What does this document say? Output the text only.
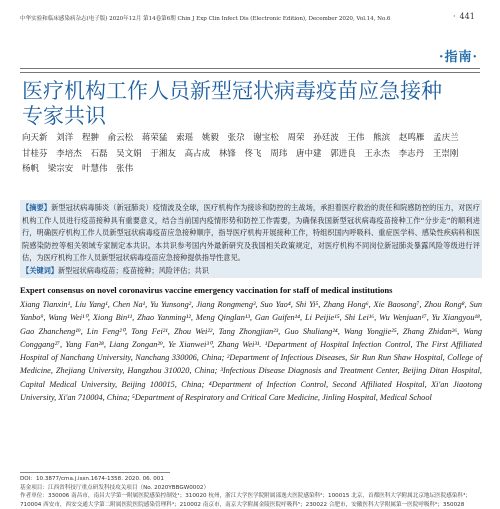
中华实验和临床感染病杂志(电子版) 2020年12月 第14卷第6期 Chin J Exp Clin Infect Dis (Electronic Edition), December 2020, Vol.14, No.6	· 441
·指南·
医疗机构工作人员新型冠状病毒疫苗应急接种专家共识
向天新 刘洋 程翀 俞云松 蒋荣猛 索瑶 姚毅 张尕 谢宝松 周荣 孙廷波 王伟 熊滨 赵鸣雁 孟庆兰 甘桂芬 李培杰 石磊 吴文娟 于湘友 高占成 林锋 佟飞 周玮 唐中建 郭进良 王永杰 李志丹 王崇刚 杨帆 梁宗安 叶慧伟 张伟
【摘要】新型冠状病毒肺炎（新冠肺炎）疫情波及全球，医疗机构作为接诊和防控的主战场，承担着医疗救治的责任和院感防控的压力，对医疗机构工作人员进行疫苗接种具有重要意义，结合当前国内疫情形势和防控工作需要，为确保我国新型冠状病毒疫苗接种工作“分步走”的顺利进行，明确医疗机构工作人员新型冠状病毒疫苗应急接种顺序，指导医疗机构开展接种工作，特组织国内呼吸科、重症医学科、感染性疾病科和医院感染防控等相关领域专家制定本共识。本共识参考国内外最新研究及我国相关政策规定，对医疗机构不同岗位新冠肺炎暴露风险等级进行评估，为医疗机构工作人员新型冠状病毒疫苗应急接种提供指导性意见。
【关键词】新型冠状病毒疫苗；疫苗接种；风险评估；共识
Expert consensus on novel coronavirus vaccine emergency vaccination for staff of medical institutions
Xiang Tianxin¹, Liu Yang¹, Chen Na¹, Yu Yunsong², Jiang Rongmeng³, Suo Yao⁴, Shi Yi⁵, Zhang Hong⁶, Xie Baosong⁷, Zhou Rong⁸, Sun Yanbo⁹, Wang Wei¹⁰, Xiong Bin¹¹, Zhao Yanming¹², Meng Qinglan¹³, Gan Guifen¹⁴, Li Peijie¹⁵, Shi Lei¹⁶, Wu Wenjuan¹⁷, Yu Xiangyou¹⁸, Gao Zhancheng¹⁹, Lin Feng²⁰, Tong Fei²¹, Zhou Wei²², Tang Zhongjian²³, Guo Shuliang²⁴, Wang Yongjie²⁵, Zhang Zhidan²⁶, Wang Conggang²⁷, Yang Fan²⁸, Liang Zongan²⁹, Ye Xianwei³⁰, Zhang Wei³¹. ¹Department of Hospital Infection Control, The First Affiliated Hospital of Nanchang University, Nanchang 330006, China; ²Department of Infectious Diseases, Sir Run Run Shaw Hospital, College of Medicine, Zhejiang University, Hangzhou 310020, China; ³Infectious Disease Diagnosis and Treatment Center, Beijing Ditan Hospital, Capital Medical University, Beijing 100015, China; ⁴Department of Infection Control, Second Affiliated Hospital, Xi'an Jiaotong University, Xi'an 710004, China; ⁵Department of Respiratory and Critical Care Medicine, Jinling Hospital, Medical School
DOI：10.3877/cma.j.issn.1674-1358. 2020. 06. 001
基金项目：江西省科技厅重点研发科技攻关项目（No. 2020YBBGW0002）
作者单位：330006 南昌市，南昌大学第一附属医院感染控制处¹；310020 杭州，浙江大学医学院附属邵逸夫医院感染科²；100015 北京，首都医科大学附属北京地坛医院感染科³；710004 西安市，西安交通大学第二附属医院医院感染管理科⁴；210002 南京市，南京大学附属金陵医院呼吸科⁵；230022 合肥市，安徽医科大学附属第一医院呼吸科⁶；350028
